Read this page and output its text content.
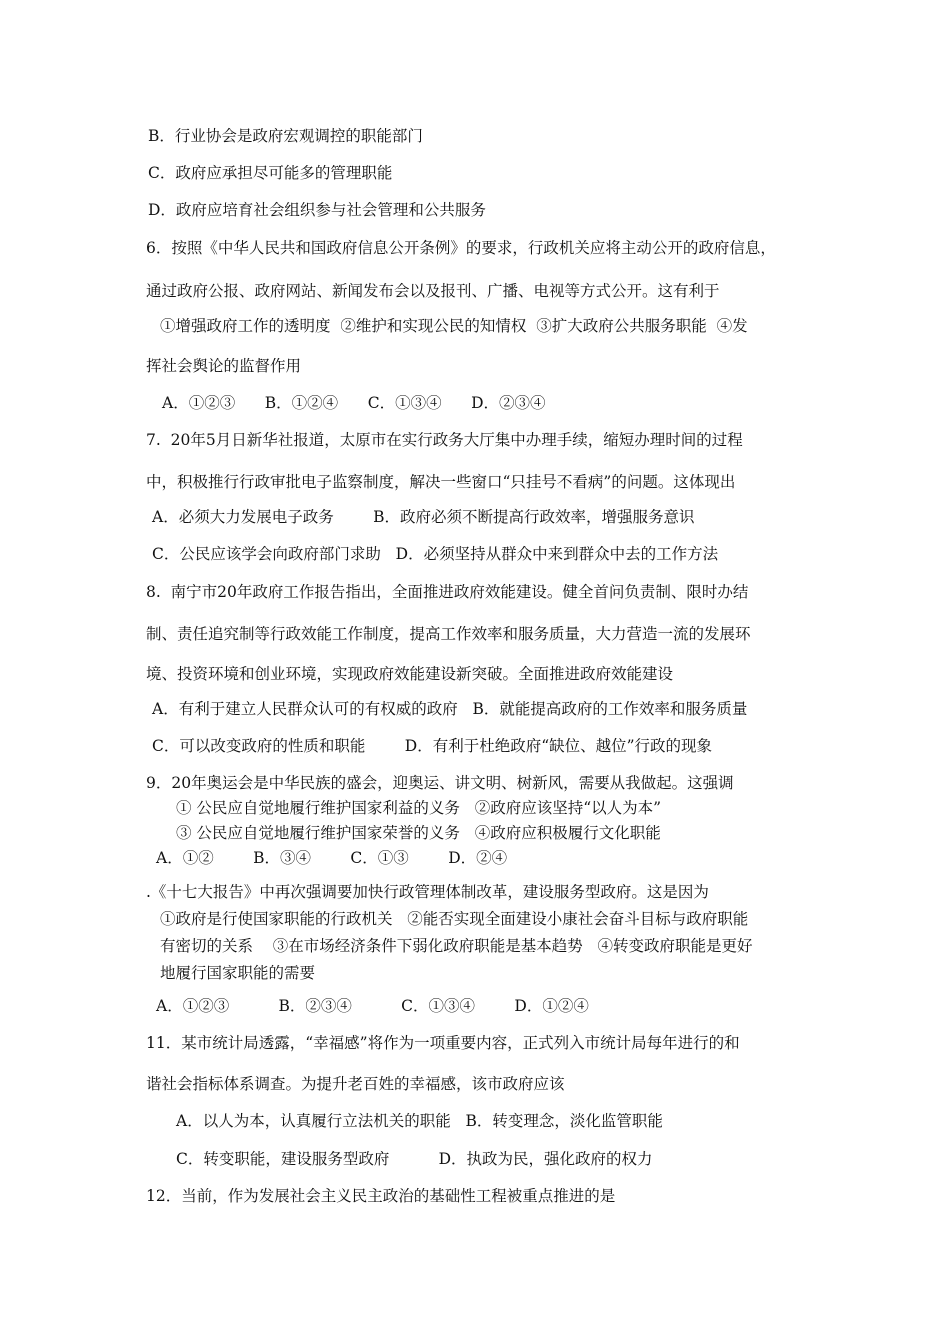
B．行业协会是政府宏观调控的职能部门
C．政府应承担尽可能多的管理职能
D．政府应培育社会组织参与社会管理和公共服务
6．按照《中华人民共和国政府信息公开条例》的要求，行政机关应将主动公开的政府信息，
通过政府公报、政府网站、新闻发布会以及报刊、广播、电视等方式公开。这有利于
①增强政府工作的透明度  ②维护和实现公民的知情权  ③扩大政府公共服务职能  ④发
挥社会舆论的监督作用
A．①②③      B．①②④      C．①③④      D．②③④
7.  20年5月日新华社报道，太原市在实行政务大厅集中办理手续，缩短办理时间的过程
中，积极推行行政审批电子监察制度，解决一些窗口“只挂号不看病”的问题。这体现出
A．必须大力发展电子政务        B．政府必须不断提高行政效率，增强服务意识
C．公民应该学会向政府部门求助   D．必须坚持从群众中来到群众中去的工作方法
8.  南宁市20年政府工作报告指出，全面推进政府效能建设。健全首问负责制、限时办结
制、责任追究制等行政效能工作制度，提高工作效率和服务质量，大力营造一流的发展环
境、投资环境和创业环境，实现政府效能建设新突破。全面推进政府效能建设
A．有利于建立人民群众认可的有权威的政府   B．就能提高政府的工作效率和服务质量
C．可以改变政府的性质和职能        D．有利于杜绝政府“缺位、越位”行政的现象
9．20年奥运会是中华民族的盛会，迎奥运、讲文明、树新风，需要从我做起。这强调
① 公民应自觉地履行维护国家利益的义务   ②政府应该坚持“以人为本”
③ 公民应自觉地履行维护国家荣誉的义务   ④政府应积极履行文化职能
A．①②        B．③④        C．①③        D．②④
.《十七大报告》中再次强调要加快行政管理体制改革，建设服务型政府。这是因为
①政府是行使国家职能的行政机关   ②能否实现全面建设小康社会奋斗目标与政府职能
有密切的关系    ③在市场经济条件下弱化政府职能是基本趋势   ④转变政府职能是更好
地履行国家职能的需要
A．①②③          B．②③④          C．①③④        D．①②④
11．某市统计局透露，“幸福感”将作为一项重要内容，正式列入市统计局每年进行的和
谐社会指标体系调查。为提升老百姓的幸福感，该市政府应该
A．以人为本，认真履行立法机关的职能   B．转变理念，淡化监管职能
C．转变职能，建设服务型政府          D．执政为民，强化政府的权力
12．当前，作为发展社会主义民主政治的基础性工程被重点推进的是
